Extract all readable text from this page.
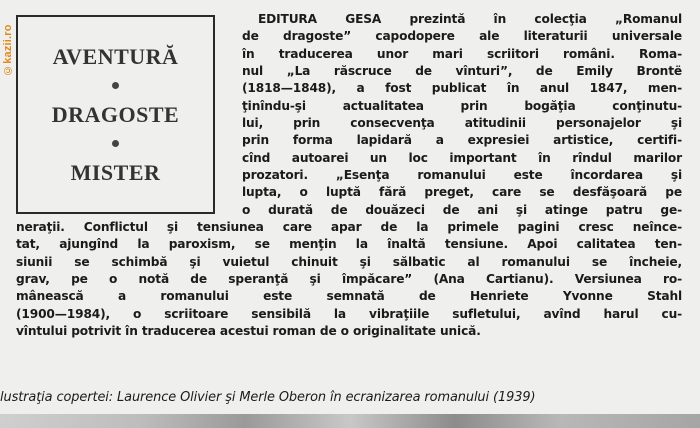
©kazii.ro AVENTURĂ
DRAGOSTE
MISTER
EDITURA GESA prezintă în colecţia „Romanul
de dragoste” capodopere ale literaturii universale
în traducerea unor mari scriitori români. Roma-
nul „La răscruce de vînturi”, de Emily Brontë
(1818—1848), a fost publicat în anul 1847, men-
ţinîndu-şi actualitatea prin bogăţia conţinutu-
lui, prin consecvenţa atitudinii personajelor şi
prin forma lapidară a expresiei artistice, certifi-
cînd autoarei un loc important în rîndul marilor
prozatori. „Esenţa romanului este încordarea şi
lupta, o luptă fără preget, care se desfăşoară pe
o durată de douăzeci de ani şi atinge patru ge-
neraţii. Conflictul şi tensiunea care apar de la primele pagini cresc neînce-
tat, ajungînd la paroxism, se menţin la înaltă tensiune. Apoi calitatea ten-
siunii se schimbă şi vuietul chinuit şi sălbatic al romanului se încheie,
grav, pe o notă de speranţă şi împăcare” (Ana Cartianu). Versiunea ro-
mânească a romanului este semnată de Henriete Yvonne Stahl
(1900—1984), o scriitoare sensibilă la vibraţiile sufletului, avînd harul cu-
vîntului potrivit în traducerea acestui roman de o originalitate unică.
lustraţia copertei: Laurence Olivier şi Merle Oberon în ecranizarea romanului (1939)
